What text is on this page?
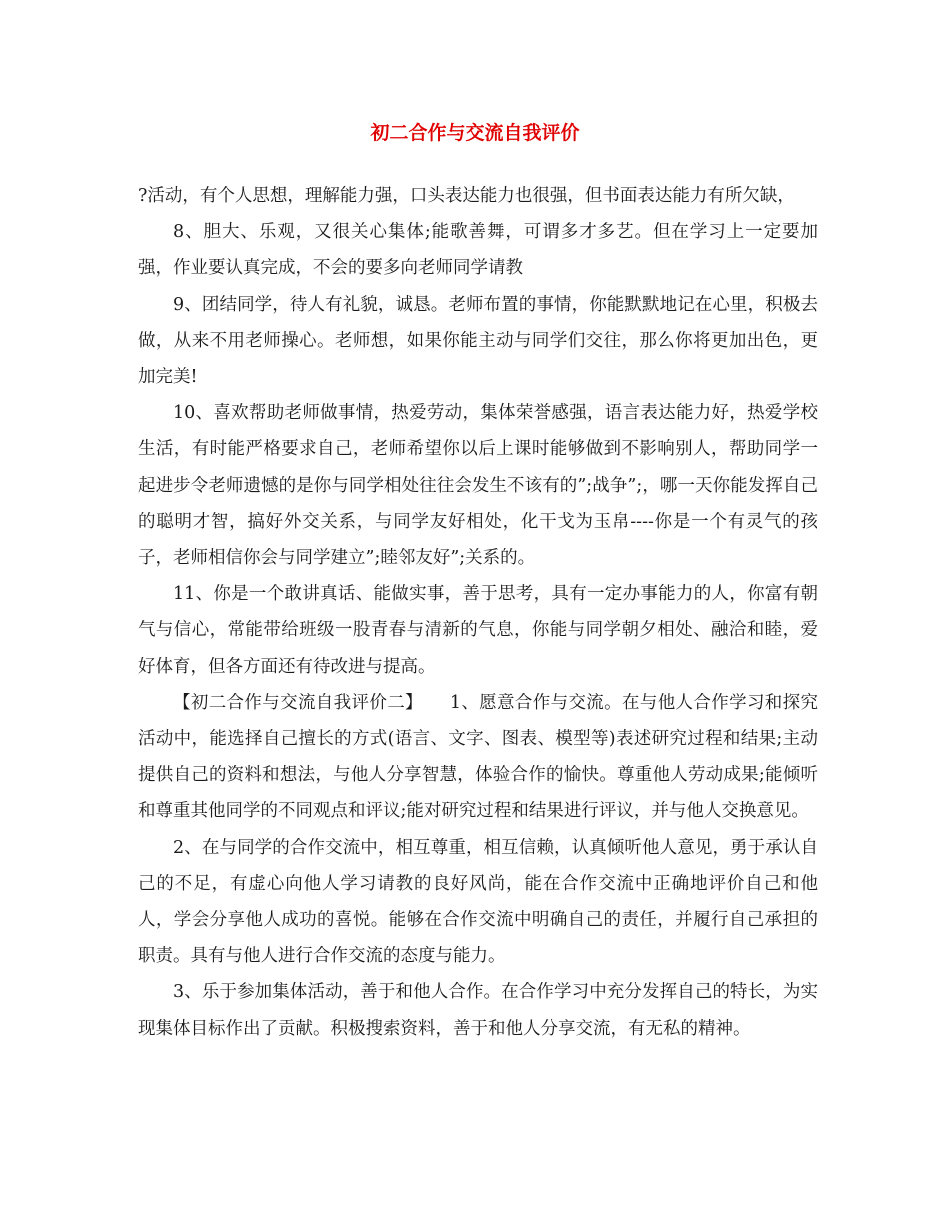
初二合作与交流自我评价

?活动，有个人思想，理解能力强，口头表达能力也很强，但书面表达能力有所欠缺，

8、胆大、乐观，又很关心集体;能歌善舞，可谓多才多艺。但在学习上一定要加强，作业要认真完成，不会的要多向老师同学请教

9、团结同学，待人有礼貌，诚恳。老师布置的事情，你能默默地记在心里，积极去做，从来不用老师操心。老师想，如果你能主动与同学们交往，那么你将更加出色，更加完美!

10、喜欢帮助老师做事情，热爱劳动，集体荣誉感强，语言表达能力好，热爱学校生活，有时能严格要求自己，老师希望你以后上课时能够做到不影响别人，帮助同学一起进步令老师遗憾的是你与同学相处往往会发生不该有的”;战争”;，哪一天你能发挥自己的聪明才智，搞好外交关系，与同学友好相处，化干戈为玉帛----你是一个有灵气的孩子，老师相信你会与同学建立”;睦邻友好”;关系的。

11、你是一个敢讲真话、能做实事，善于思考，具有一定办事能力的人，你富有朝气与信心，常能带给班级一股青春与清新的气息，你能与同学朝夕相处、融洽和睦，爱好体育，但各方面还有待改进与提高。

【初二合作与交流自我评价二】　　1、愿意合作与交流。在与他人合作学习和探究活动中，能选择自己擅长的方式(语言、文字、图表、模型等)表述研究过程和结果;主动提供自己的资料和想法，与他人分享智慧，体验合作的愉快。尊重他人劳动成果;能倾听和尊重其他同学的不同观点和评议;能对研究过程和结果进行评议，并与他人交换意见。

2、在与同学的合作交流中，相互尊重，相互信赖，认真倾听他人意见，勇于承认自己的不足，有虚心向他人学习请教的良好风尚，能在合作交流中正确地评价自己和他人，学会分享他人成功的喜悦。能够在合作交流中明确自己的责任，并履行自己承担的职责。具有与他人进行合作交流的态度与能力。

3、乐于参加集体活动，善于和他人合作。在合作学习中充分发挥自己的特长，为实现集体目标作出了贡献。积极搜索资料，善于和他人分享交流，有无私的精神。
